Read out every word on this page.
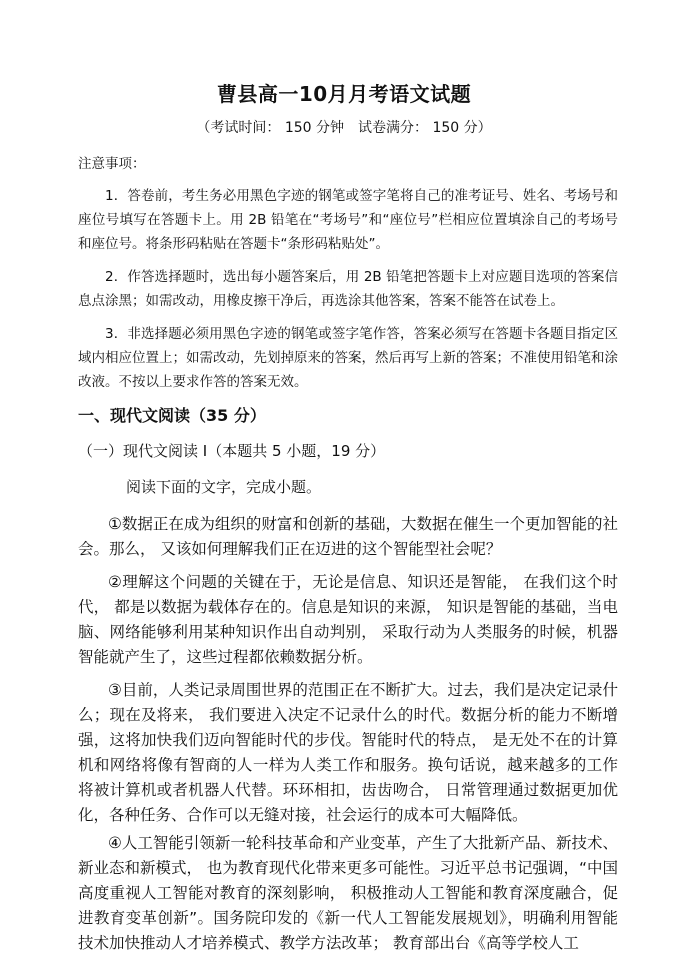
曹县高一10月月考语文试题
（考试时间： 150 分钟　试卷满分： 150 分）
注意事项：
1．答卷前，考生务必用黑色字迹的钢笔或签字笔将自己的准考证号、姓名、考场号和座位号填写在答题卡上。用 2B 铅笔在“考场号”和“座位号”栏相应位置填涂自己的考场号和座位号。将条形码粘贴在答题卡“条形码粘贴处”。
2．作答选择题时，选出每小题答案后，用 2B 铅笔把答题卡上对应题目选项的答案信息点涂黑；如需改动，用橡皮擦干净后，再选涂其他答案，答案不能答在试卷上。
3．非选择题必须用黑色字迹的钢笔或签字笔作答，答案必须写在答题卡各题目指定区域内相应位置上；如需改动，先划掉原来的答案，然后再写上新的答案；不准使用铅笔和涂改液。不按以上要求作答的答案无效。
一、现代文阅读（35 分）
（一）现代文阅读 I（本题共 5 小题，19 分）
阅读下面的文字，完成小题。
①数据正在成为组织的财富和创新的基础，大数据在催生一个更加智能的社会。那么， 又该如何理解我们正在迈进的这个智能型社会呢？
②理解这个问题的关键在于，无论是信息、知识还是智能， 在我们这个时代， 都是以数据为载体存在的。信息是知识的来源， 知识是智能的基础，当电脑、网络能够利用某种知识作出自动判别， 采取行动为人类服务的时候，机器智能就产生了，这些过程都依赖数据分析。
③目前，人类记录周围世界的范围正在不断扩大。过去，我们是决定记录什么；现在及将来， 我们要进入决定不记录什么的时代。数据分析的能力不断增强，这将加快我们迈向智能时代的步伐。智能时代的特点， 是无处不在的计算机和网络将像有智商的人一样为人类工作和服务。换句话说，越来越多的工作将被计算机或者机器人代替。环环相扣，齿齿吻合， 日常管理通过数据更加优化，各种任务、合作可以无缝对接，社会运行的成本可大幅降低。
④人工智能引领新一轮科技革命和产业变革，产生了大批新产品、新技术、新业态和新模式， 也为教育现代化带来更多可能性。习近平总书记强调，“中国高度重视人工智能对教育的深刻影响， 积极推动人工智能和教育深度融合，促进教育变革创新”。国务院印发的《新一代人工智能发展规划》，明确利用智能技术加快推动人才培养模式、教学方法改革； 教育部出台《高等学校人工
